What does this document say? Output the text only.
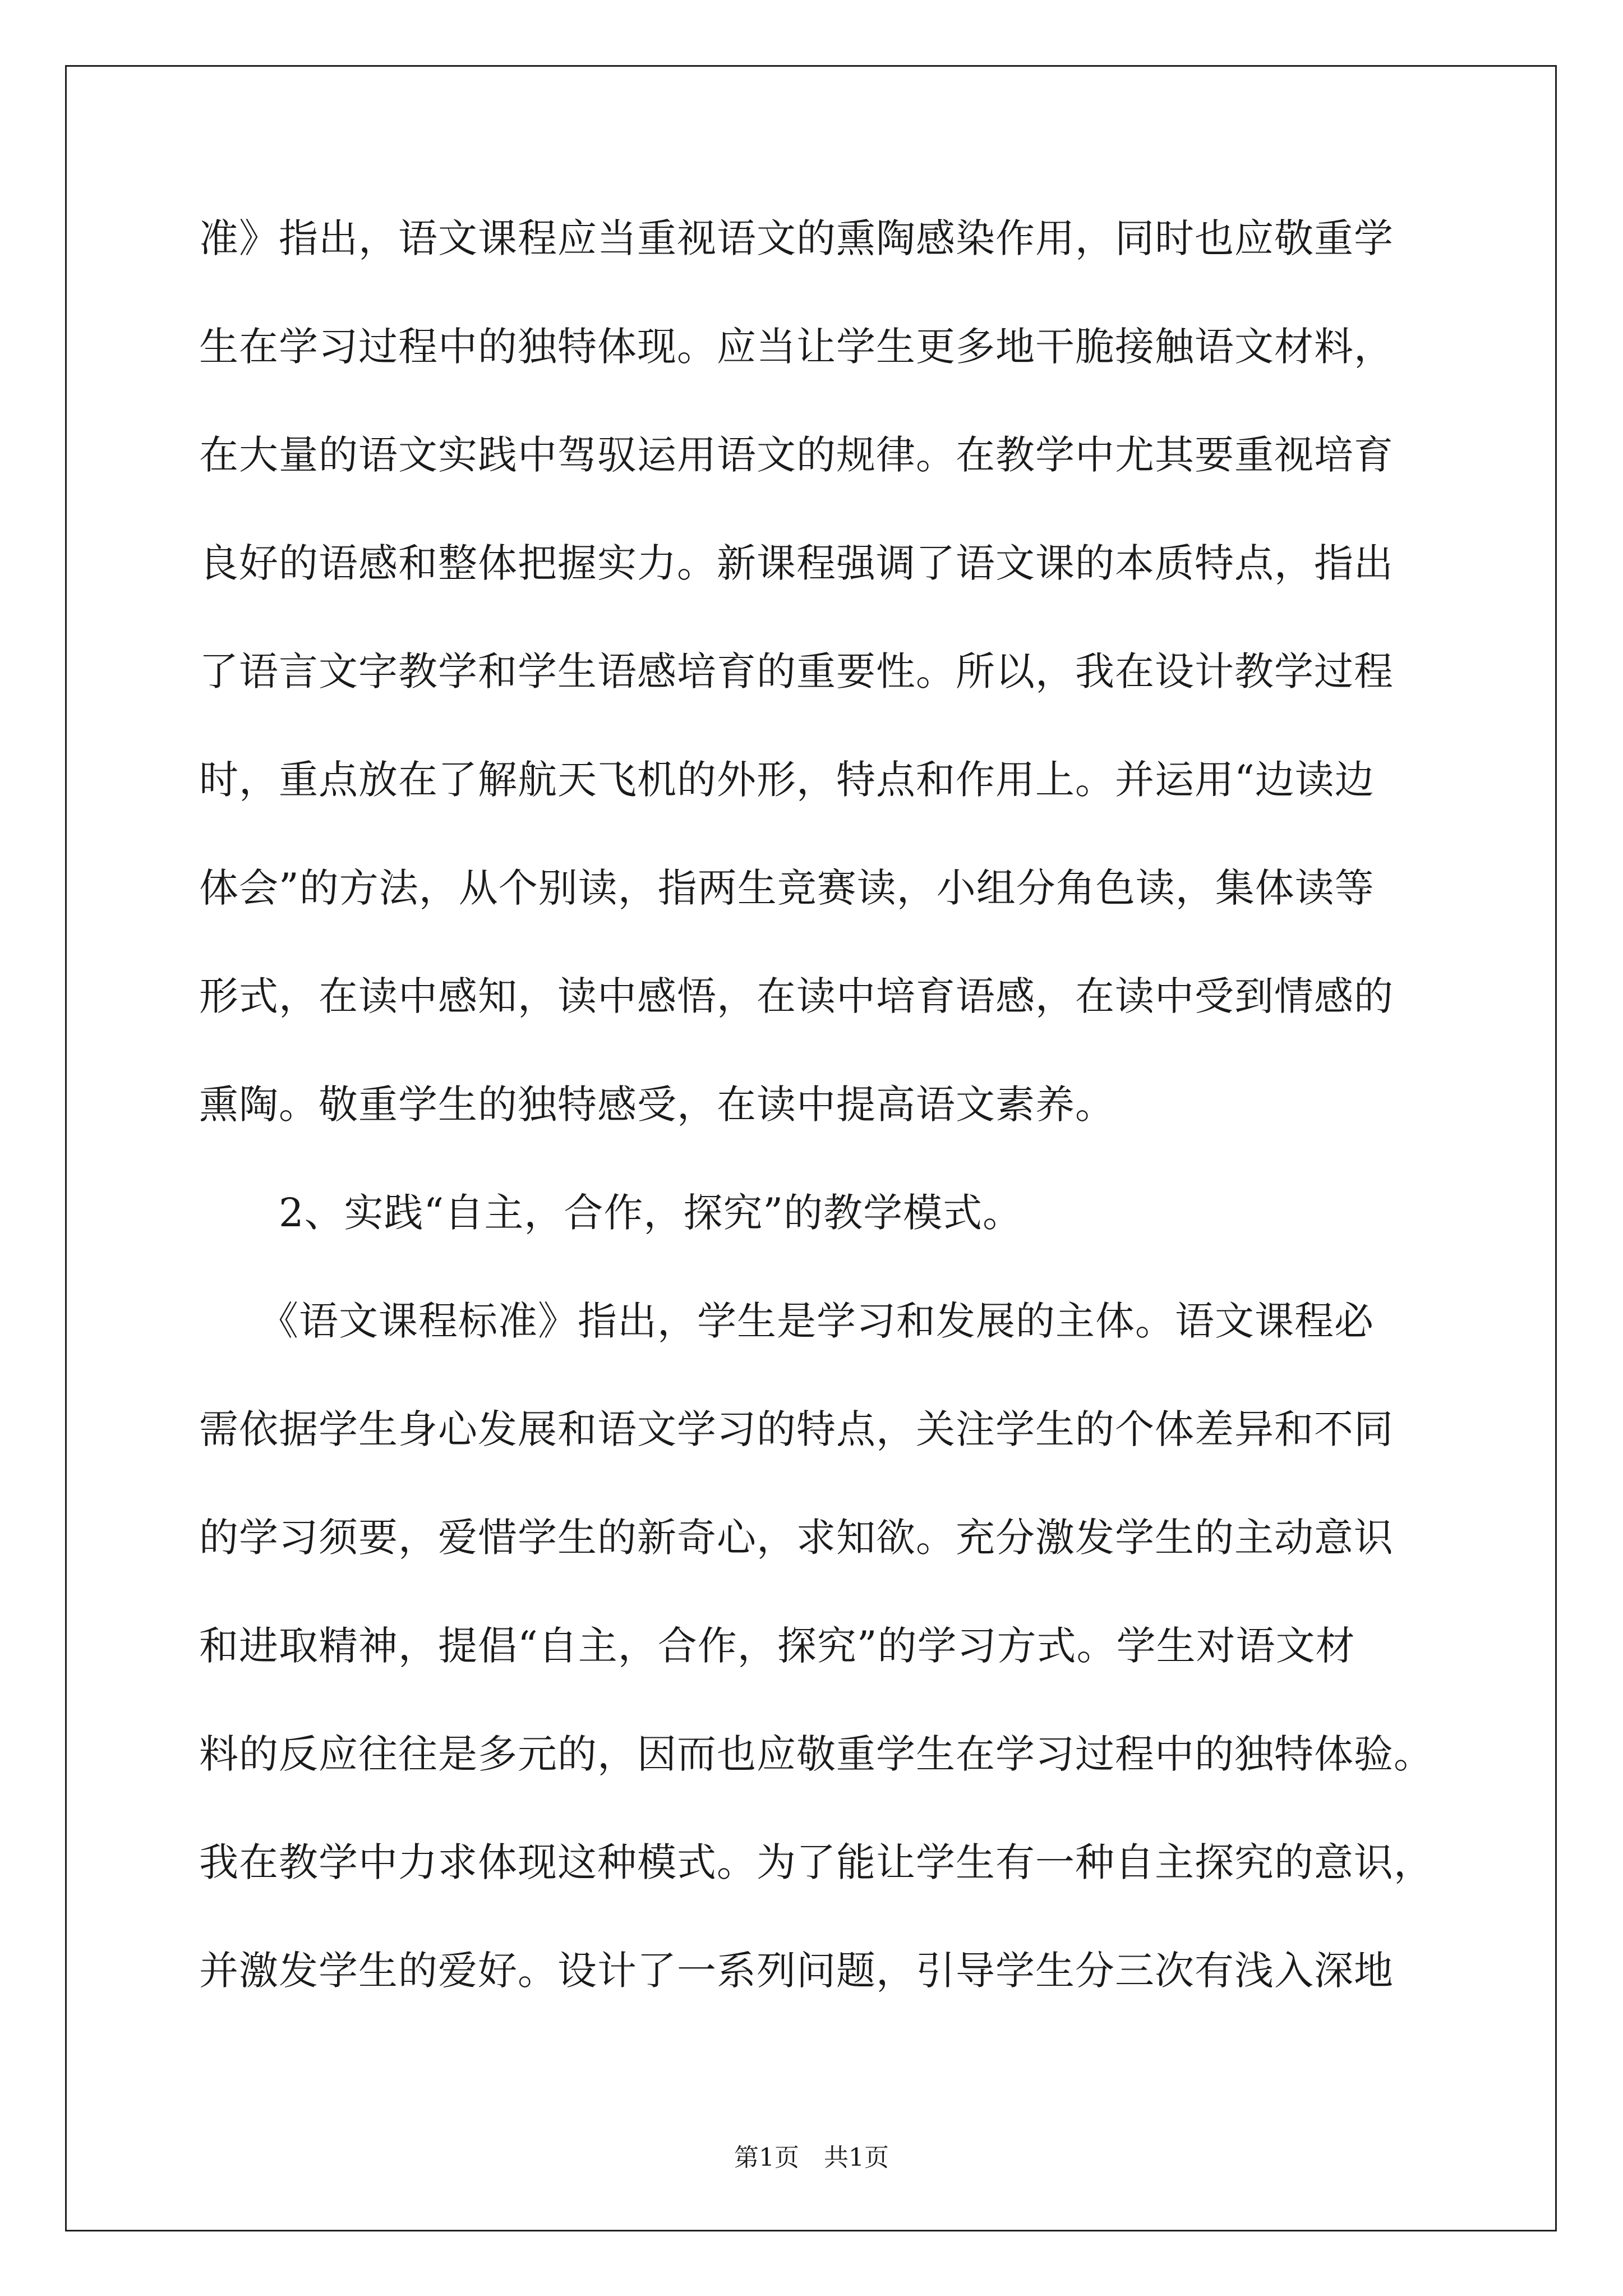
准》指出，语文课程应当重视语文的熏陶感染作用，同时也应敬重学
生在学习过程中的独特体现。应当让学生更多地干脆接触语文材料，
在大量的语文实践中驾驭运用语文的规律。在教学中尤其要重视培育
良好的语感和整体把握实力。新课程强调了语文课的本质特点，指出
了语言文字教学和学生语感培育的重要性。所以，我在设计教学过程
时，重点放在了解航天飞机的外形，特点和作用上。并运用“边读边
体会”的方法，从个别读，指两生竞赛读，小组分角色读，集体读等
形式，在读中感知，读中感悟，在读中培育语感，在读中受到情感的
熏陶。敬重学生的独特感受，在读中提高语文素养。
　　2、实践“自主，合作，探究”的教学模式。
　　《语文课程标准》指出，学生是学习和发展的主体。语文课程必
需依据学生身心发展和语文学习的特点，关注学生的个体差异和不同
的学习须要，爱惜学生的新奇心，求知欲。充分激发学生的主动意识
和进取精神，提倡“自主，合作，探究”的学习方式。学生对语文材
料的反应往往是多元的，因而也应敬重学生在学习过程中的独特体验。
我在教学中力求体现这种模式。为了能让学生有一种自主探究的意识，
并激发学生的爱好。设计了一系列问题，引导学生分三次有浅入深地
第1页　共1页
